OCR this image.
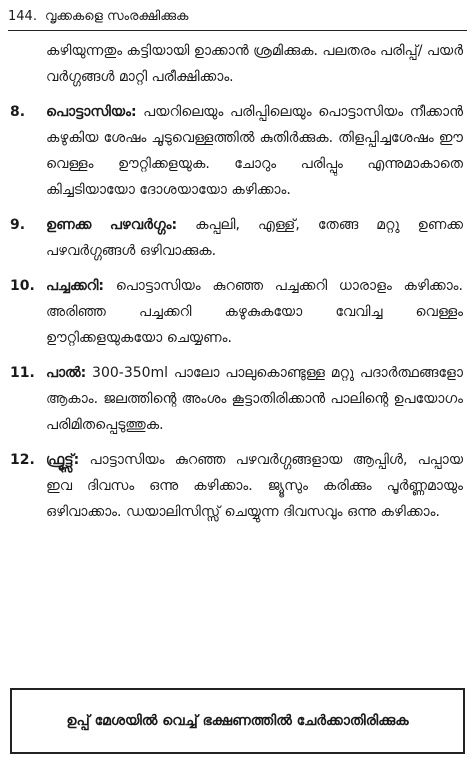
144. വൃക്കകളെ സംരക്ഷിക്കുക

കഴിയുന്നതും കട്ടിയായി ഉാക്കാൻ ശ്രമിക്കുക. പലതരം പരിപ്പ്/ പയർ വർഗ്ഗങ്ങൾ മാറ്റി പരീക്ഷിക്കാം.

8.	പൊട്ടാസിയം: പയറിലെയും പരിപ്പിലെയും പൊട്ടാസിയം നീക്കാൻ കഴുകിയ ശേഷം ചൂടുവെള്ളത്തിൽ കുതിർക്കുക. തിളപ്പിച്ചശേഷം ഈ വെള്ളം ഊറ്റിക്കളയുക. ചോറും പരിപ്പും എന്നുമാകാതെ കിച്ചടിയായോ ദോശയായോ കഴിക്കാം.
9.	ഉണക്ക പഴവർഗ്ഗം: കപ്പലി, എള്ള്, തേങ്ങ മറ്റു ഉണക്ക പഴവർഗ്ഗങ്ങൾ ഒഴിവാക്കുക.
10. പച്ചക്കറി: പൊട്ടാസിയം കുറഞ്ഞ പച്ചക്കറി ധാരാളം കഴിക്കാം. അരിഞ്ഞ പച്ചക്കറി കഴുകുകയോ വേവിച്ച വെള്ളം ഊറ്റിക്കളയുകയോ ചെയ്യണം.
11. പാൽ: 300-350ml പാലോ പാലുകൊണ്ടുള്ള മറ്റു പദാർത്ഥങ്ങളോ ആകാം. ജലത്തിന്റെ അംശം കൂട്ടാതിരിക്കാൻ പാലിന്റെ ഉപയോഗം പരിമിതപ്പെടുത്തുക.
12. ഫ്രൂട്ട്സ്: പാട്ടാസിയം കുറഞ്ഞ പഴവർഗ്ഗങ്ങളായ ആപ്പിൾ, പപ്പായ ഇവ ദിവസം ഒന്നു കഴിക്കാം. ജ്യൂസും കരിക്കും പൂർണ്ണമായും ഒഴിവാക്കാം. ഡയാലിസിസ്സ് ചെയ്യുന്ന ദിവസവും ഒന്നു കഴിക്കാം.
ഉപ്പ് മേശയിൽ വെച്ച് ഭക്ഷണത്തിൽ ചേർക്കാതിരിക്കുക
